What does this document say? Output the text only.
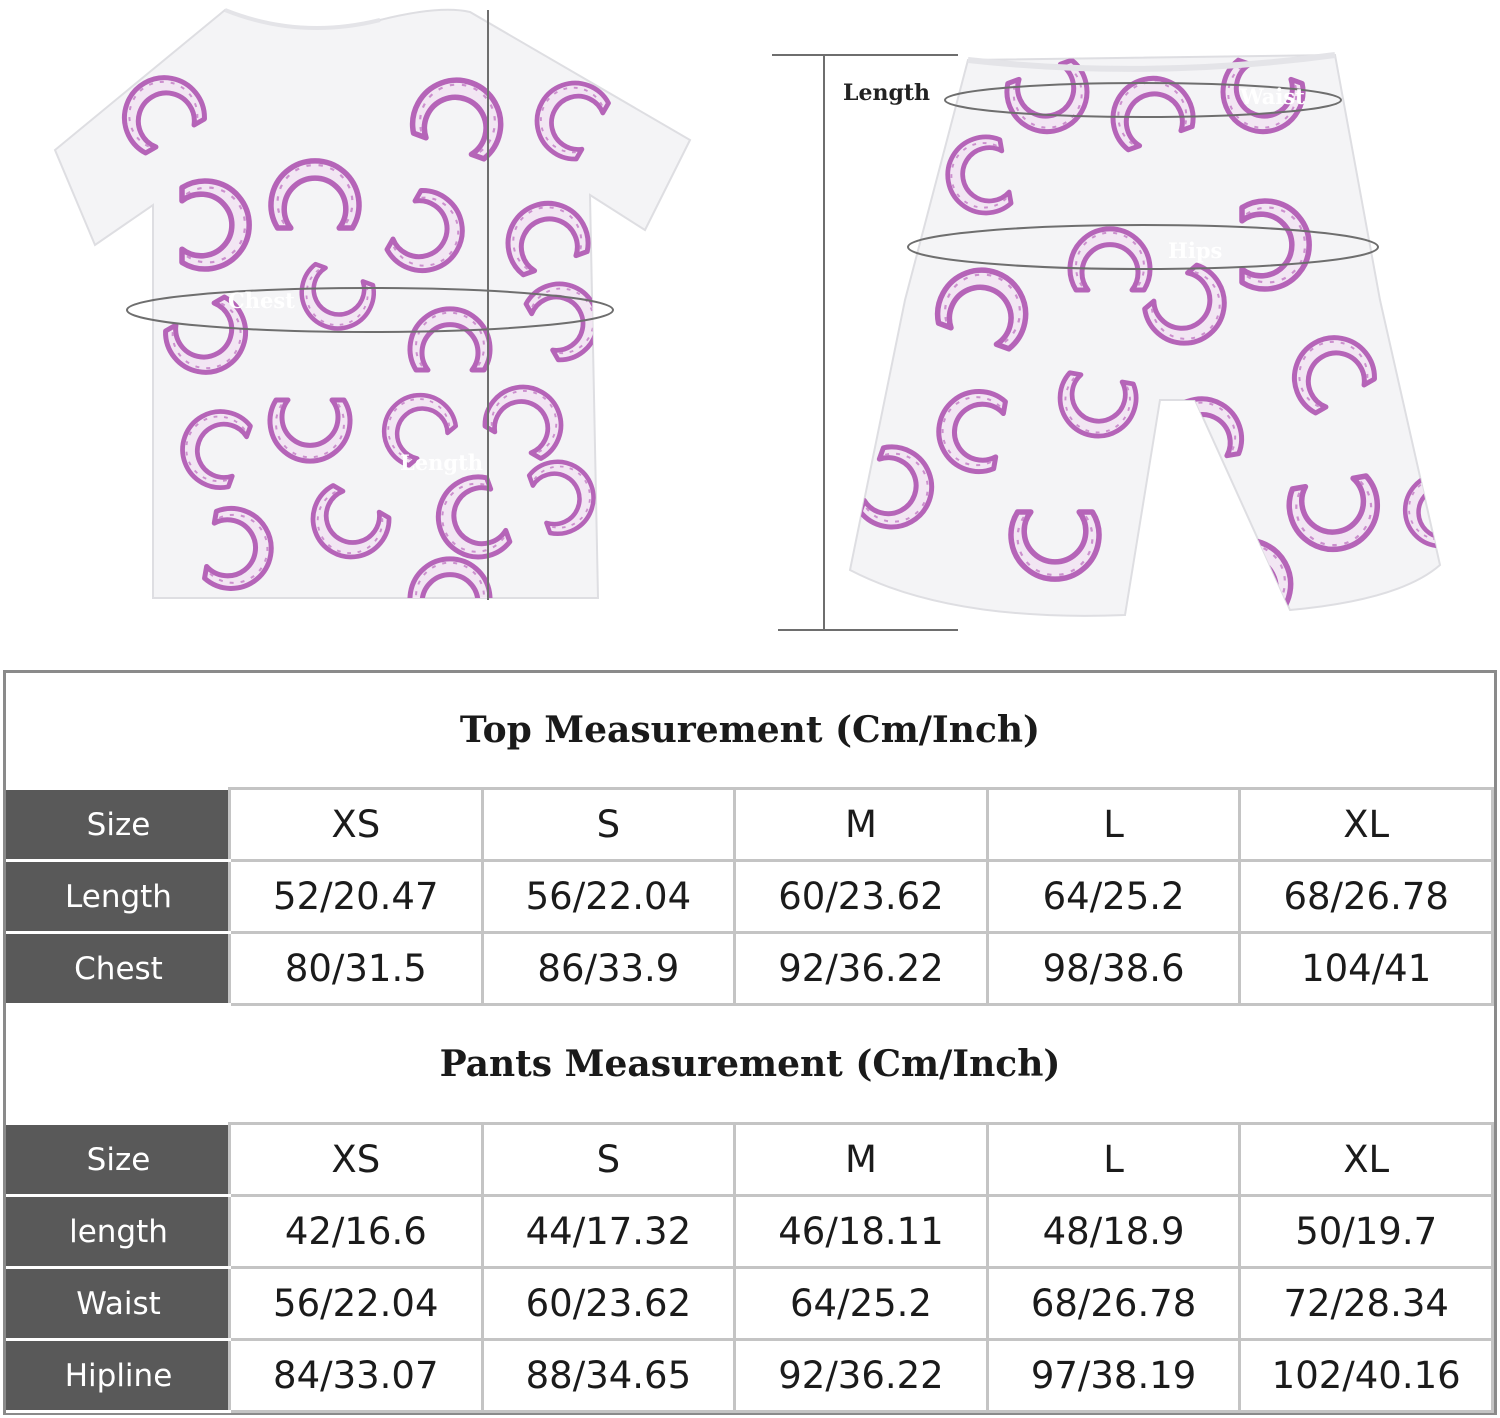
Chest
Length
Length	Waist
Hips
Top Measurement (Cm/Inch)
Size	XS	S	M	L	XL
Length	52/20.47	56/22.04	60/23.62	64/25.2	68/26.78
Chest	80/31.5	86/33.9	92/36.22	98/38.6	104/41
Pants Measurement (Cm/Inch)
Size	XS	S	M	L	XL
length	42/16.6	44/17.32	46/18.11	48/18.9	50/19.7
Waist	56/22.04	60/23.62	64/25.2	68/26.78	72/28.34
Hipline	84/33.07	88/34.65	92/36.22	97/38.19	102/40.16
